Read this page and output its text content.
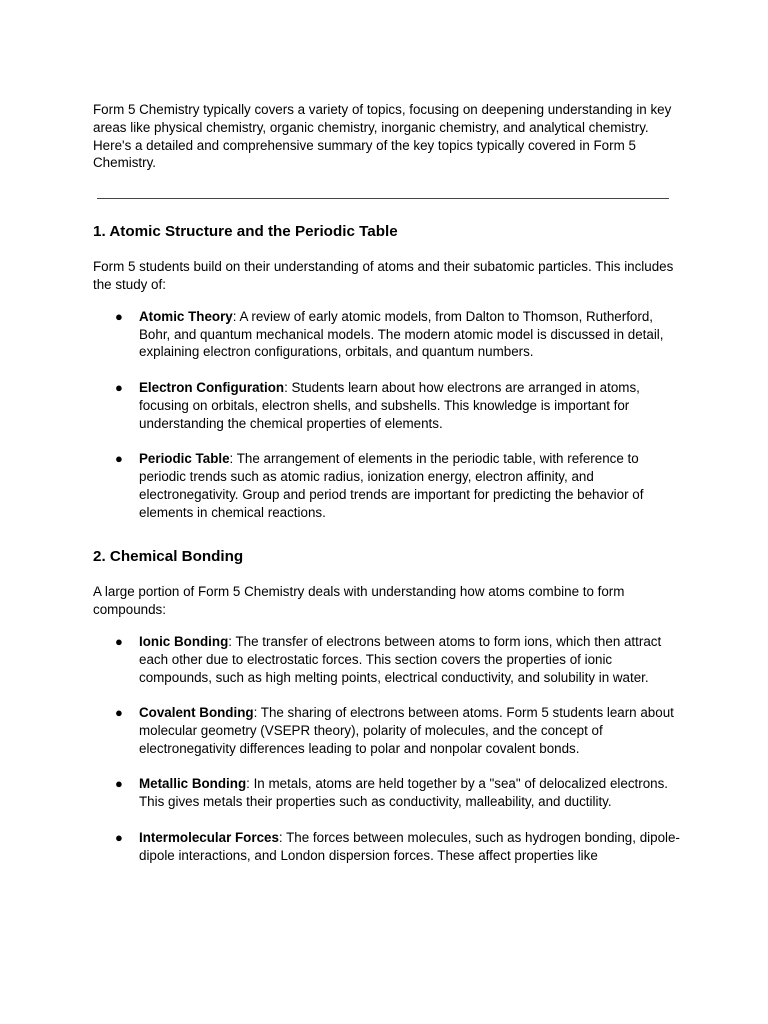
Form 5 Chemistry typically covers a variety of topics, focusing on deepening understanding in key areas like physical chemistry, organic chemistry, inorganic chemistry, and analytical chemistry. Here's a detailed and comprehensive summary of the key topics typically covered in Form 5 Chemistry.

1. Atomic Structure and the Periodic Table

Form 5 students build on their understanding of atoms and their subatomic particles. This includes the study of:

● Atomic Theory: A review of early atomic models, from Dalton to Thomson, Rutherford, Bohr, and quantum mechanical models. The modern atomic model is discussed in detail, explaining electron configurations, orbitals, and quantum numbers.
● Electron Configuration: Students learn about how electrons are arranged in atoms, focusing on orbitals, electron shells, and subshells. This knowledge is important for understanding the chemical properties of elements.
● Periodic Table: The arrangement of elements in the periodic table, with reference to periodic trends such as atomic radius, ionization energy, electron affinity, and electronegativity. Group and period trends are important for predicting the behavior of elements in chemical reactions.
2. Chemical Bonding

A large portion of Form 5 Chemistry deals with understanding how atoms combine to form compounds:

● Ionic Bonding: The transfer of electrons between atoms to form ions, which then attract each other due to electrostatic forces. This section covers the properties of ionic compounds, such as high melting points, electrical conductivity, and solubility in water.
● Covalent Bonding: The sharing of electrons between atoms. Form 5 students learn about molecular geometry (VSEPR theory), polarity of molecules, and the concept of electronegativity differences leading to polar and nonpolar covalent bonds.
● Metallic Bonding: In metals, atoms are held together by a "sea" of delocalized electrons. This gives metals their properties such as conductivity, malleability, and ductility.
● Intermolecular Forces: The forces between molecules, such as hydrogen bonding, dipole-dipole interactions, and London dispersion forces. These affect properties like
